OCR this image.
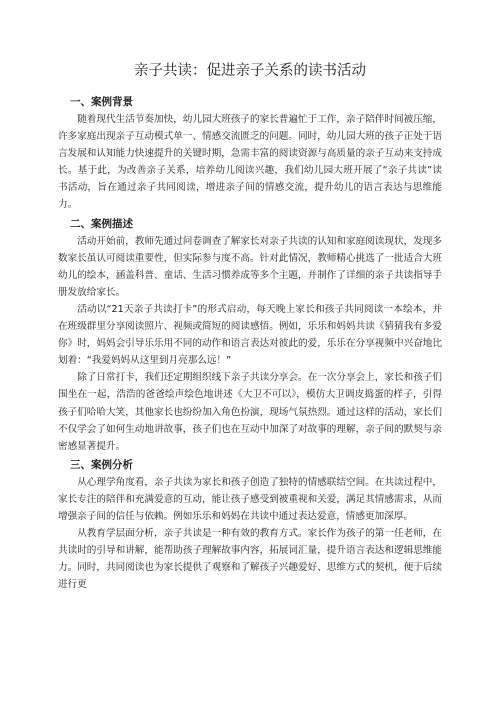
亲子共读：促进亲子关系的读书活动
一、案例背景

随着现代生活节奏加快，幼儿园大班孩子的家长普遍忙于工作，亲子陪伴时间被压缩，许多家庭出现亲子互动模式单一、情感交流匮乏的问题。同时，幼儿园大班的孩子正处于语言发展和认知能力快速提升的关键时期，急需丰富的阅读资源与高质量的亲子互动来支持成长。基于此，为改善亲子关系，培养幼儿阅读兴趣，我们幼儿园大班开展了“亲子共读”读书活动，旨在通过亲子共同阅读，增进亲子间的情感交流，提升幼儿的语言表达与思维能力。

二、案例描述

活动开始前，教师先通过问卷调查了解家长对亲子共读的认知和家庭阅读现状，发现多数家长虽认可阅读重要性，但实际参与度不高。针对此情况，教师精心挑选了一批适合大班幼儿的绘本，涵盖科普、童话、生活习惯养成等多个主题，并制作了详细的亲子共读指导手册发放给家长。

活动以“21天亲子共读打卡”的形式启动，每天晚上家长和孩子共同阅读一本绘本，并在班级群里分享阅读照片、视频或简短的阅读感悟。例如，乐乐和妈妈共读《猜猜我有多爱你》时，妈妈会引导乐乐用不同的动作和语言表达对彼此的爱，乐乐在分享视频中兴奋地比划着：“我爱妈妈从这里到月亮那么远！”

除了日常打卡，我们还定期组织线下亲子共读分享会。在一次分享会上，家长和孩子们围坐在一起，浩浩的爸爸绘声绘色地讲述《大卫不可以》，模仿大卫调皮捣蛋的样子，引得孩子们哈哈大笑，其他家长也纷纷加入角色扮演，现场气氛热烈。通过这样的活动，家长们不仅学会了如何生动地讲故事，孩子们也在互动中加深了对故事的理解，亲子间的默契与亲密感显著提升。

三、案例分析

从心理学角度看，亲子共读为家长和孩子创造了独特的情感联结空间。在共读过程中，家长专注的陪伴和充满爱意的互动，能让孩子感受到被重视和关爱，满足其情感需求，从而增强亲子间的信任与依赖。例如乐乐和妈妈在共读中通过表达爱意，情感更加深厚。

从教育学层面分析，亲子共读是一种有效的教育方式。家长作为孩子的第一任老师，在共读时的引导和讲解，能帮助孩子理解故事内容，拓展词汇量，提升语言表达和逻辑思维能力。同时，共同阅读也为家长提供了观察和了解孩子兴趣爱好、思维方式的契机，便于后续进行更
